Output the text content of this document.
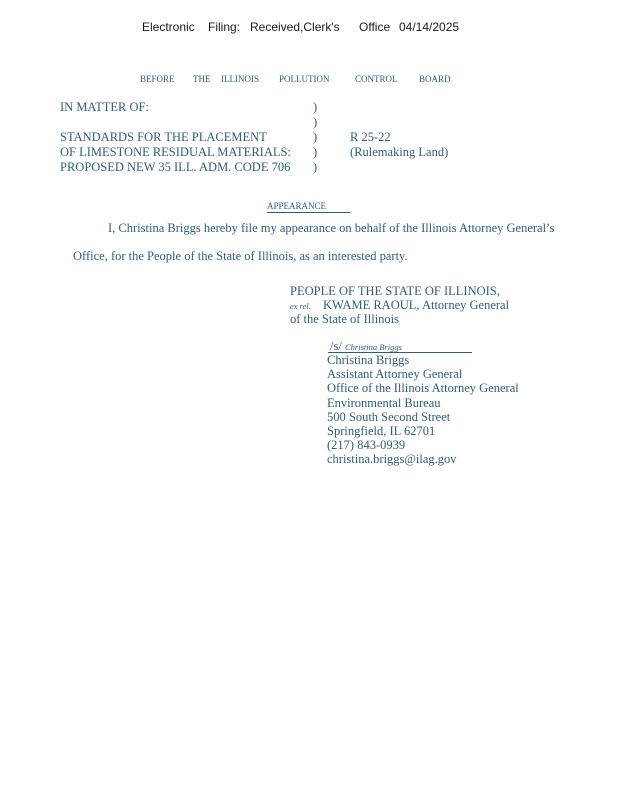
Electronic Filing: Received,Clerk's Office 04/14/2025
BEFORE THE ILLINOIS POLLUTION	CONTROL BOARD
IN MATTER OF:
STANDARDS FOR THE PLACEMENT
OF LIMESTONE RESIDUAL MATERIALS:
PROPOSED NEW 35 ILL. ADM. CODE 706
)
)
)
)
)
R 25-22
(Rulemaking Land)
APPEARANCE
I, Christina Briggs hereby file my appearance on behalf of the Illinois Attorney General’s
Office, for the People of the State of Illinois, as an interested party.
PEOPLE OF THE STATE OF ILLINOIS,
ex rel. KWAME RAOUL, Attorney General
of the State of Illinois
/s/ Christina Briggs
Christina Briggs
Assistant Attorney General
Office of the Illinois Attorney General
Environmental Bureau
500 South Second Street
Springfield, IL 62701
(217) 843-0939
christina.briggs@ilag.gov
